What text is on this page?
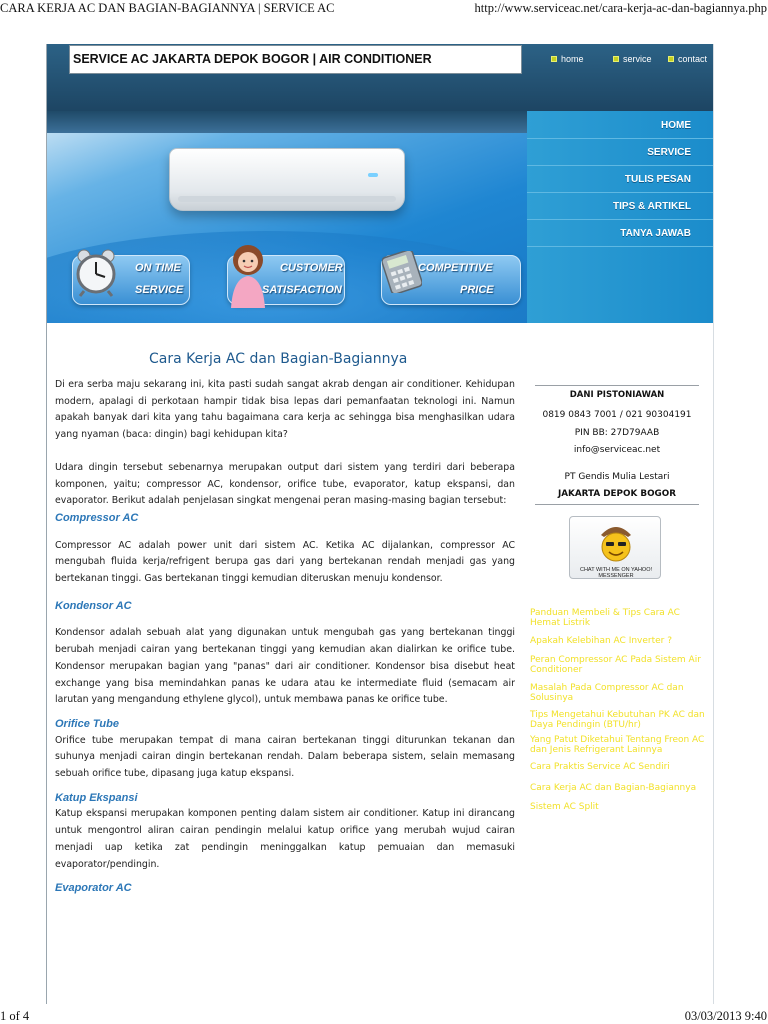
CARA KERJA AC DAN BAGIAN-BAGIANNYA | SERVICE AC	http://www.serviceac.net/cara-kerja-ac-dan-bagiannya.php
SERVICE AC JAKARTA DEPOK BOGOR | AIR CONDITIONER	home	service	contact
ON TIME
SERVICE
CUSTOMER
SATISFACTION
COMPETITIVE
PRICE
HOME
SERVICE
TULIS PESAN
TIPS & ARTIKEL
TANYA JAWAB
Cara Kerja AC dan Bagian-Bagiannya

Di era serba maju sekarang ini, kita pasti sudah sangat akrab dengan air conditioner. Kehidupan modern, apalagi di perkotaan hampir tidak bisa lepas dari pemanfaatan teknologi ini. Namun apakah banyak dari kita yang tahu bagaimana cara kerja ac sehingga bisa menghasilkan udara yang nyaman (baca: dingin) bagi kehidupan kita?

Udara dingin tersebut sebenarnya merupakan output dari sistem yang terdiri dari beberapa komponen, yaitu; compressor AC, kondensor, orifice tube, evaporator, katup ekspansi, dan evaporator. Berikut adalah penjelasan singkat mengenai peran masing-masing bagian tersebut:

Compressor AC

Compressor AC adalah power unit dari sistem AC. Ketika AC dijalankan, compressor AC mengubah fluida kerja/refrigent berupa gas dari yang bertekanan rendah menjadi gas yang bertekanan tinggi. Gas bertekanan tinggi kemudian diteruskan menuju kondensor.

Kondensor AC

Kondensor adalah sebuah alat yang digunakan untuk mengubah gas yang bertekanan tinggi berubah menjadi cairan yang bertekanan tinggi yang kemudian akan dialirkan ke orifice tube. Kondensor merupakan bagian yang "panas" dari air conditioner. Kondensor bisa disebut heat exchange yang bisa memindahkan panas ke udara atau ke intermediate fluid (semacam air larutan yang mengandung ethylene glycol), untuk membawa panas ke orifice tube.

Orifice Tube

Orifice tube merupakan tempat di mana cairan bertekanan tinggi diturunkan tekanan dan suhunya menjadi cairan dingin bertekanan rendah. Dalam beberapa sistem, selain memasang sebuah orifice tube, dipasang juga katup ekspansi.

Katup Ekspansi

Katup ekspansi merupakan komponen penting dalam sistem air conditioner. Katup ini dirancang untuk mengontrol aliran cairan pendingin melalui katup orifice yang merubah wujud cairan menjadi uap ketika zat pendingin meninggalkan katup pemuaian dan memasuki evaporator/pendingin.

Evaporator AC
DANI PISTONIAWAN
0819 0843 7001 / 021 90304191
PIN BB: 27D79AAB
info@serviceac.net
PT Gendis Mulia Lestari
JAKARTA DEPOK BOGOR
CHAT WITH ME ON YAHOO! MESSENGER
Panduan Membeli & Tips Cara AC Hemat Listrik
Apakah Kelebihan AC Inverter ?
Peran Compressor AC Pada Sistem Air Conditioner
Masalah Pada Compressor AC dan Solusinya
Tips Mengetahui Kebutuhan PK AC dan Daya Pendingin (BTU/hr)
Yang Patut Diketahui Tentang Freon AC dan Jenis Refrigerant Lainnya
Cara Praktis Service AC Sendiri
Cara Kerja AC dan Bagian-Bagiannya
Sistem AC Split
1 of 4	03/03/2013 9:40
